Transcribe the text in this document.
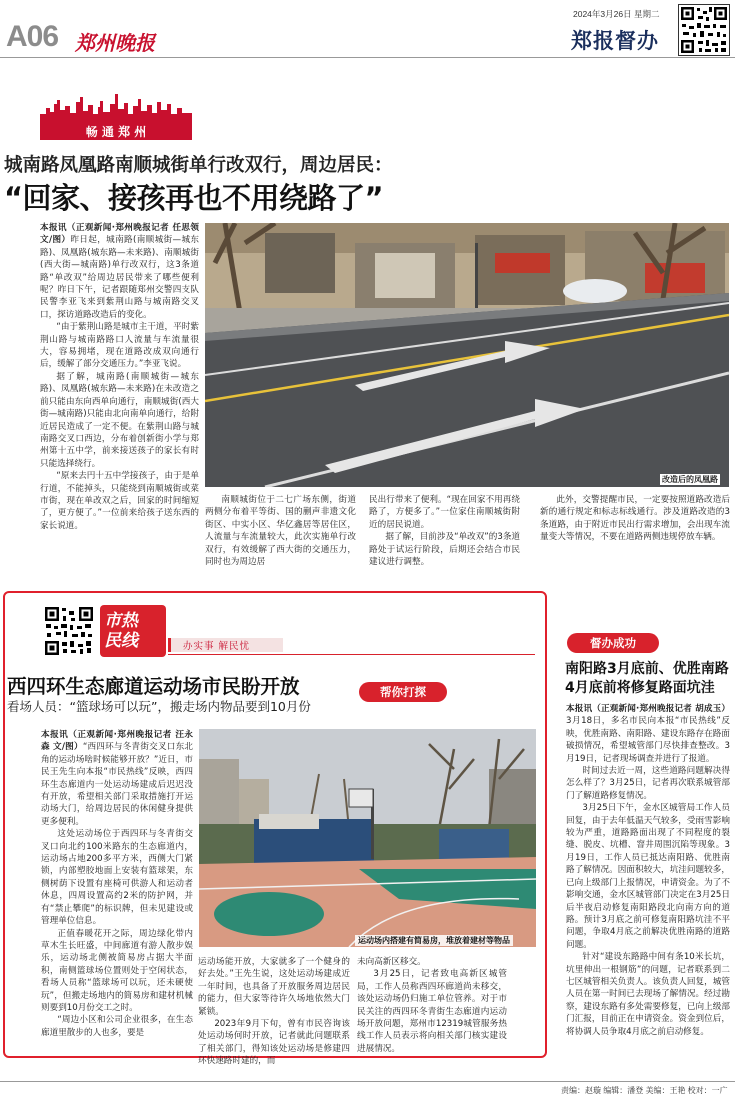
A06 郑州晚报
2024年3月26日 星期二
郑报督办
畅 通 郑 州
城南路凤凰路南顺城街单行改双行，周边居民：
“回家、接孩再也不用绕路了”

本报讯（正观新闻·郑州晚报记者 任思领 文/图）昨日起，城南路(南顺城街—城东路)、凤凰路(城东路—未来路)、南顺城街(西大街—城南路)单行改双行，这3条道路“单改双”给周边居民带来了哪些便利呢？昨日下午，记者跟随郑州交警四支队民警李亚飞来到紫荆山路与城南路交叉口，探访道路改造后的变化。

“由于紫荆山路是城市主干道，平时紫荆山路与城南路路口人流量与车流量很大，容易拥堵，现在道路改成双向通行后，缓解了部分交通压力。”李亚飞说。

据了解，城南路(南顺城街—城东路)、凤凰路(城东路—未来路)在未改造之前只能由东向西单向通行，南顺城街(西大街—城南路)只能由北向南单向通行，给附近居民造成了一定不便。在紫荆山路与城南路交叉口西边，分布着创新街小学与郑州第十五中学，前来接送孩子的家长有时只能选择绕行。

“原来去円十五中学接孩子，由于是单行道，不能掉头，只能绕到南顺城街或菜市街，现在单改双之后，回家的时间缩短了，更方便了。”一位前来给孩子送东西的家长说道。

改造后的凤凰路

南顺城街位于二七广场东侧，街道两侧分布着平等街、国的蒯声非遗文化街区、中实小区、华亿鑫居等居住区，人流量与车流量较大，此次实施单行改双行，有效缓解了西大街的交通压力，同时也为周边居

民出行带来了便利。“现在回家不用再绕路了，方便多了。”一位家住南顺城街附近的居民说道。

据了解，目前涉及“单改双”的3条道路处于试运行阶段，后期还会结合市民建议进行调整。

此外，交警提醒市民，一定要按照道路改造后新的通行规定和标志标线通行。涉及道路改造的3条道路，由于附近市民出行需求增加，会出现车流量变大等情况，不要在道路两侧违规停放车辆。

市热民线	办实事 解民忧
帮你打探
西四环生态廊道运动场市民盼开放
看场人员：“篮球场可以玩”，搬走场内物品要到10月份

本报讯（正观新闻·郑州晚报记者 汪永森 文/图）“西四环与冬青街交叉口东北角的运动场啥时候能够开放？”近日，市民王先生向本报“市民热线”反映，西四环生态廊道内一处运动场建成后迟迟没有开放，希望相关部门采取措施打开运动场大门，给周边居民的休闲健身提供更多便利。

这处运动场位于西四环与冬青街交叉口向北约100米路东的生态廊道内，运动场占地200多平方米，西侧大门紧锁，内部塑胶地面上安装有篮球架，东侧树荫下设置有座椅可供游人和运动者休息，四周设置高约2米的防护网，并有“禁止攀爬”的标识牌，但未见建设或管理单位信息。

正值春暖花开之际，周边绿化带内草木生长旺盛，中间廊道有游人散步娱乐，运动场北侧被简易房占据大半面积，南侧篮球场位置则处于空闲状态，看场人员称“篮球场可以玩，还未硬使玩”，但搬走场地内的简易房和建材机械则要到10月份交工之时。

“周边小区和公司企业很多，在生态廊道里散步的人也多，要是

运动场内搭建有简易房，堆放着建材等物品

运动场能开放，大家就多了一个健身的好去处。”王先生说，这处运动场建成近一年时间，也具备了开放服务周边居民的能力，但大家等待许久场地依然大门紧锁。

2023年9月下旬，曾有市民咨询该处运动场何时开放，记者就此问题联系了相关部门，得知该处运动场是修建四环快速路时建的，而

未向高新区移交。

3月25日，记者致电高新区城管局，工作人员称西四环廊道尚未移交，该处运动场仍归施工单位管养。对于市民关注的西四环冬青街生态廊道内运动场开放问题，郑州市12319城管服务热线工作人员表示将向相关部门核实建设进展情况。

督办成功
南阳路3月底前、优胜南路4月底前将修复路面坑洼

本报讯（正观新闻·郑州晚报记者 胡成玉）3月18日，多名市民向本报“市民热线”反映，优胜南路、南阳路、建设东路存在路面破损情况，希望城管部门尽快排查整改。3月19日，记者现场调查并进行了报道。

时间过去近一周，这些道路问题解决得怎么样了？3月25日，记者再次联系城管部门了解道路修复情况。

3月25日下午，金水区城管局工作人员回复，由于去年低温天气较多，受雨雪影响较为严重，道路路面出现了不同程度的裂缝、脱皮、坑槽、窨井周围沉陷等现象。3月19日，工作人员已抵达南阳路、优胜南路了解情况。因面积较大，坑洼问题较多，已向上级部门上报情况，申请资金。为了不影响交通，金水区城管部门决定在3月25日后半夜启动修复南阳路段北向南方向的道路。预计3月底之前可修复南阳路坑洼不平问题，争取4月底之前解决优胜南路的道路问题。

针对“建设东路路中间有条10米长坑，坑里伸出一根钢筋”的问题，记者联系到二七区城管相关负责人。该负责人回复，城管人员在第一时间已去现场了解情况。经过勘察，建设东路有多处需要修复，已向上级部门汇报，目前正在申请资金。资金到位后，将协调人员争取4月底之前启动修复。

责编：赵璇 编辑：潘登 美编：王艳 校对：一广
